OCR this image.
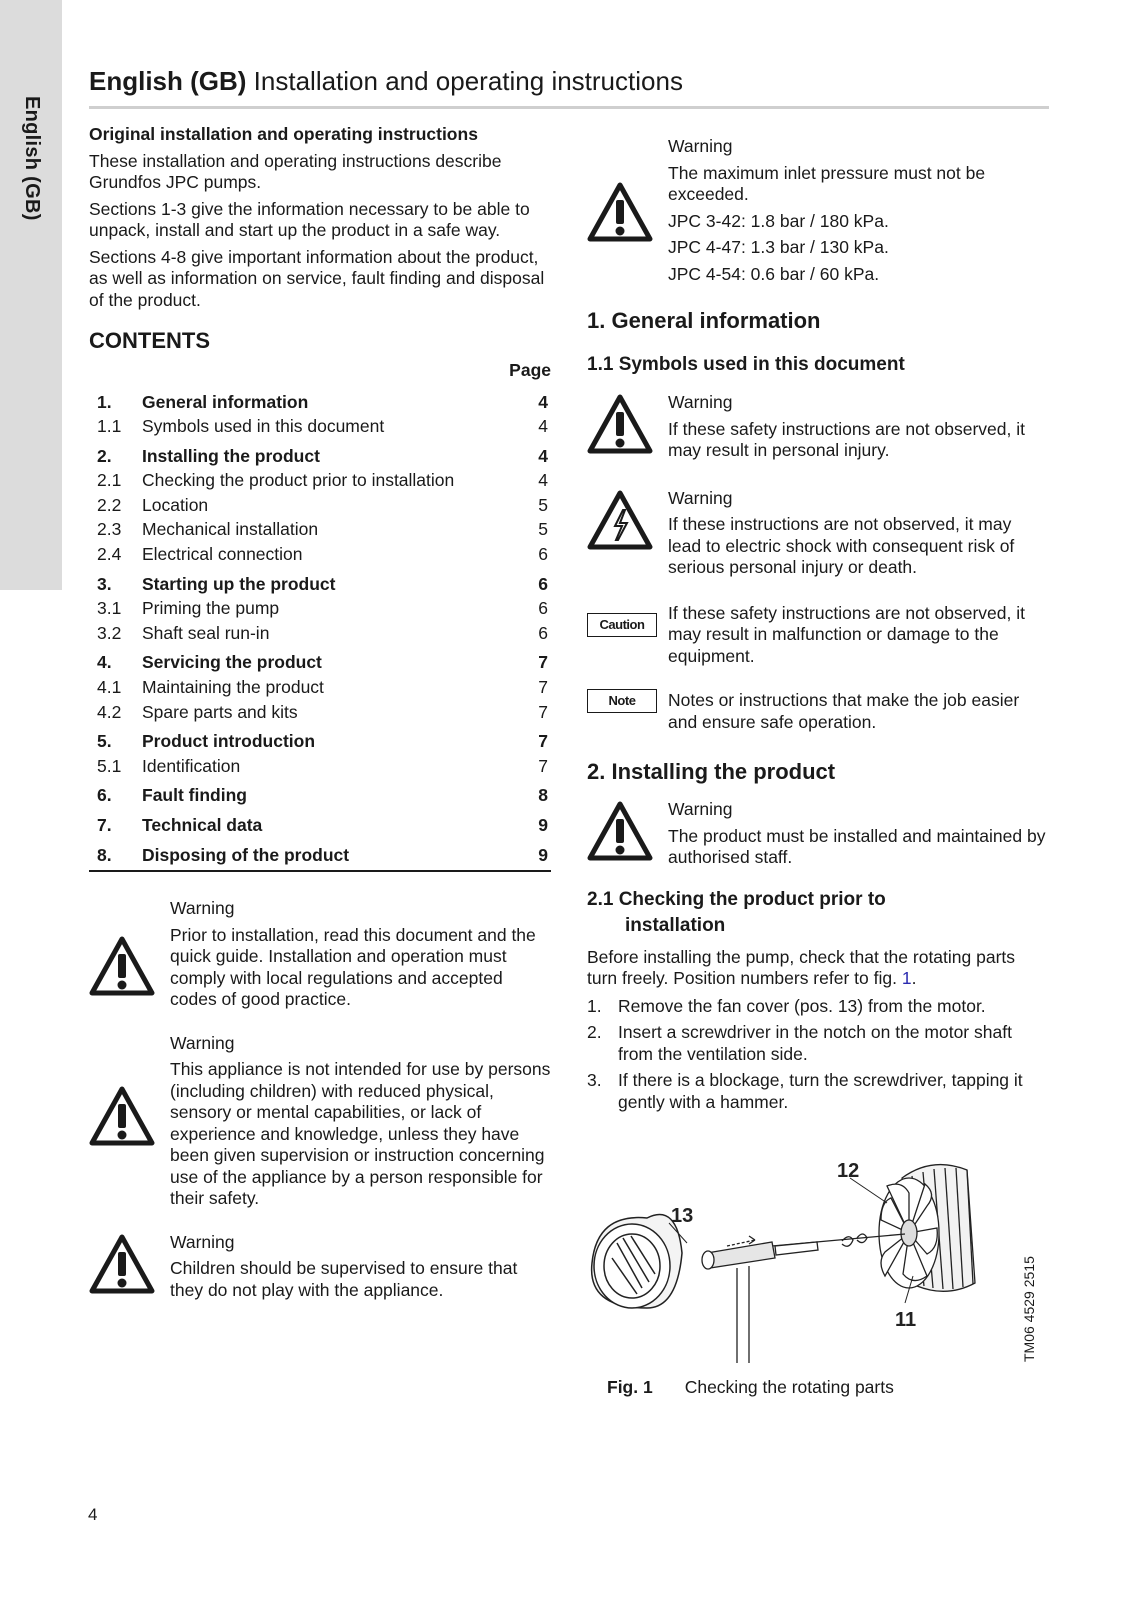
English (GB)
English (GB) Installation and operating instructions

Original installation and operating instructions

These installation and operating instructions describe Grundfos JPC pumps.

Sections 1-3 give the information necessary to be able to unpack, install and start up the product in a safe way.

Sections 4-8 give important information about the product, as well as information on service, fault finding and disposal of the product.

CONTENTS
Page
1. General information	4
1.1 Symbols used in this document	4
2. Installing the product	4
2.1 Checking the product prior to installation	4
2.2 Location	5
2.3 Mechanical installation	5
2.4 Electrical connection	6
3. Starting up the product	6
3.1 Priming the pump	6
3.2 Shaft seal run-in	6
4. Servicing the product	7
4.1 Maintaining the product	7
4.2 Spare parts and kits	7
5. Product introduction	7
5.1 Identification	7
6. Fault finding	8
7. Technical data	9
8. Disposing of the product	9

Warning

Prior to installation, read this document and the quick guide. Installation and operation must comply with local regulations and accepted codes of good practice.

Warning

This appliance is not intended for use by persons (including children) with reduced physical, sensory or mental capabilities, or lack of experience and knowledge, unless they have been given supervision or instruction concerning use of the appliance by a person responsible for their safety.

Warning

Children should be supervised to ensure that they do not play with the appliance.

Warning

The maximum inlet pressure must not be exceeded.

JPC 3-42: 1.8 bar / 180 kPa.

JPC 4-47: 1.3 bar / 130 kPa.

JPC 4-54: 0.6 bar / 60 kPa.

1. General information
1.1 Symbols used in this document

Warning

If these safety instructions are not observed, it may result in personal injury.

Warning

If these instructions are not observed, it may lead to electric shock with consequent risk of serious personal injury or death.

Caution

If these safety instructions are not observed, it may result in malfunction or damage to the equipment.

Note	Notes or instructions that make the job easier and ensure safe operation.

2. Installing the product

Warning

The product must be installed and maintained by authorised staff.

2.1 Checking the product prior to
installation

Before installing the pump, check that the rotating parts turn freely. Position numbers refer to fig. 1.

1. Remove the fan cover (pos. 13) from the motor.
2. Insert a screwdriver in the notch on the motor shaft from the ventilation side.
3. If there is a blockage, turn the screwdriver, tapping it gently with a hammer.
12
13
11	TM06 4529 2515
Fig. 1 Checking the rotating parts
4
